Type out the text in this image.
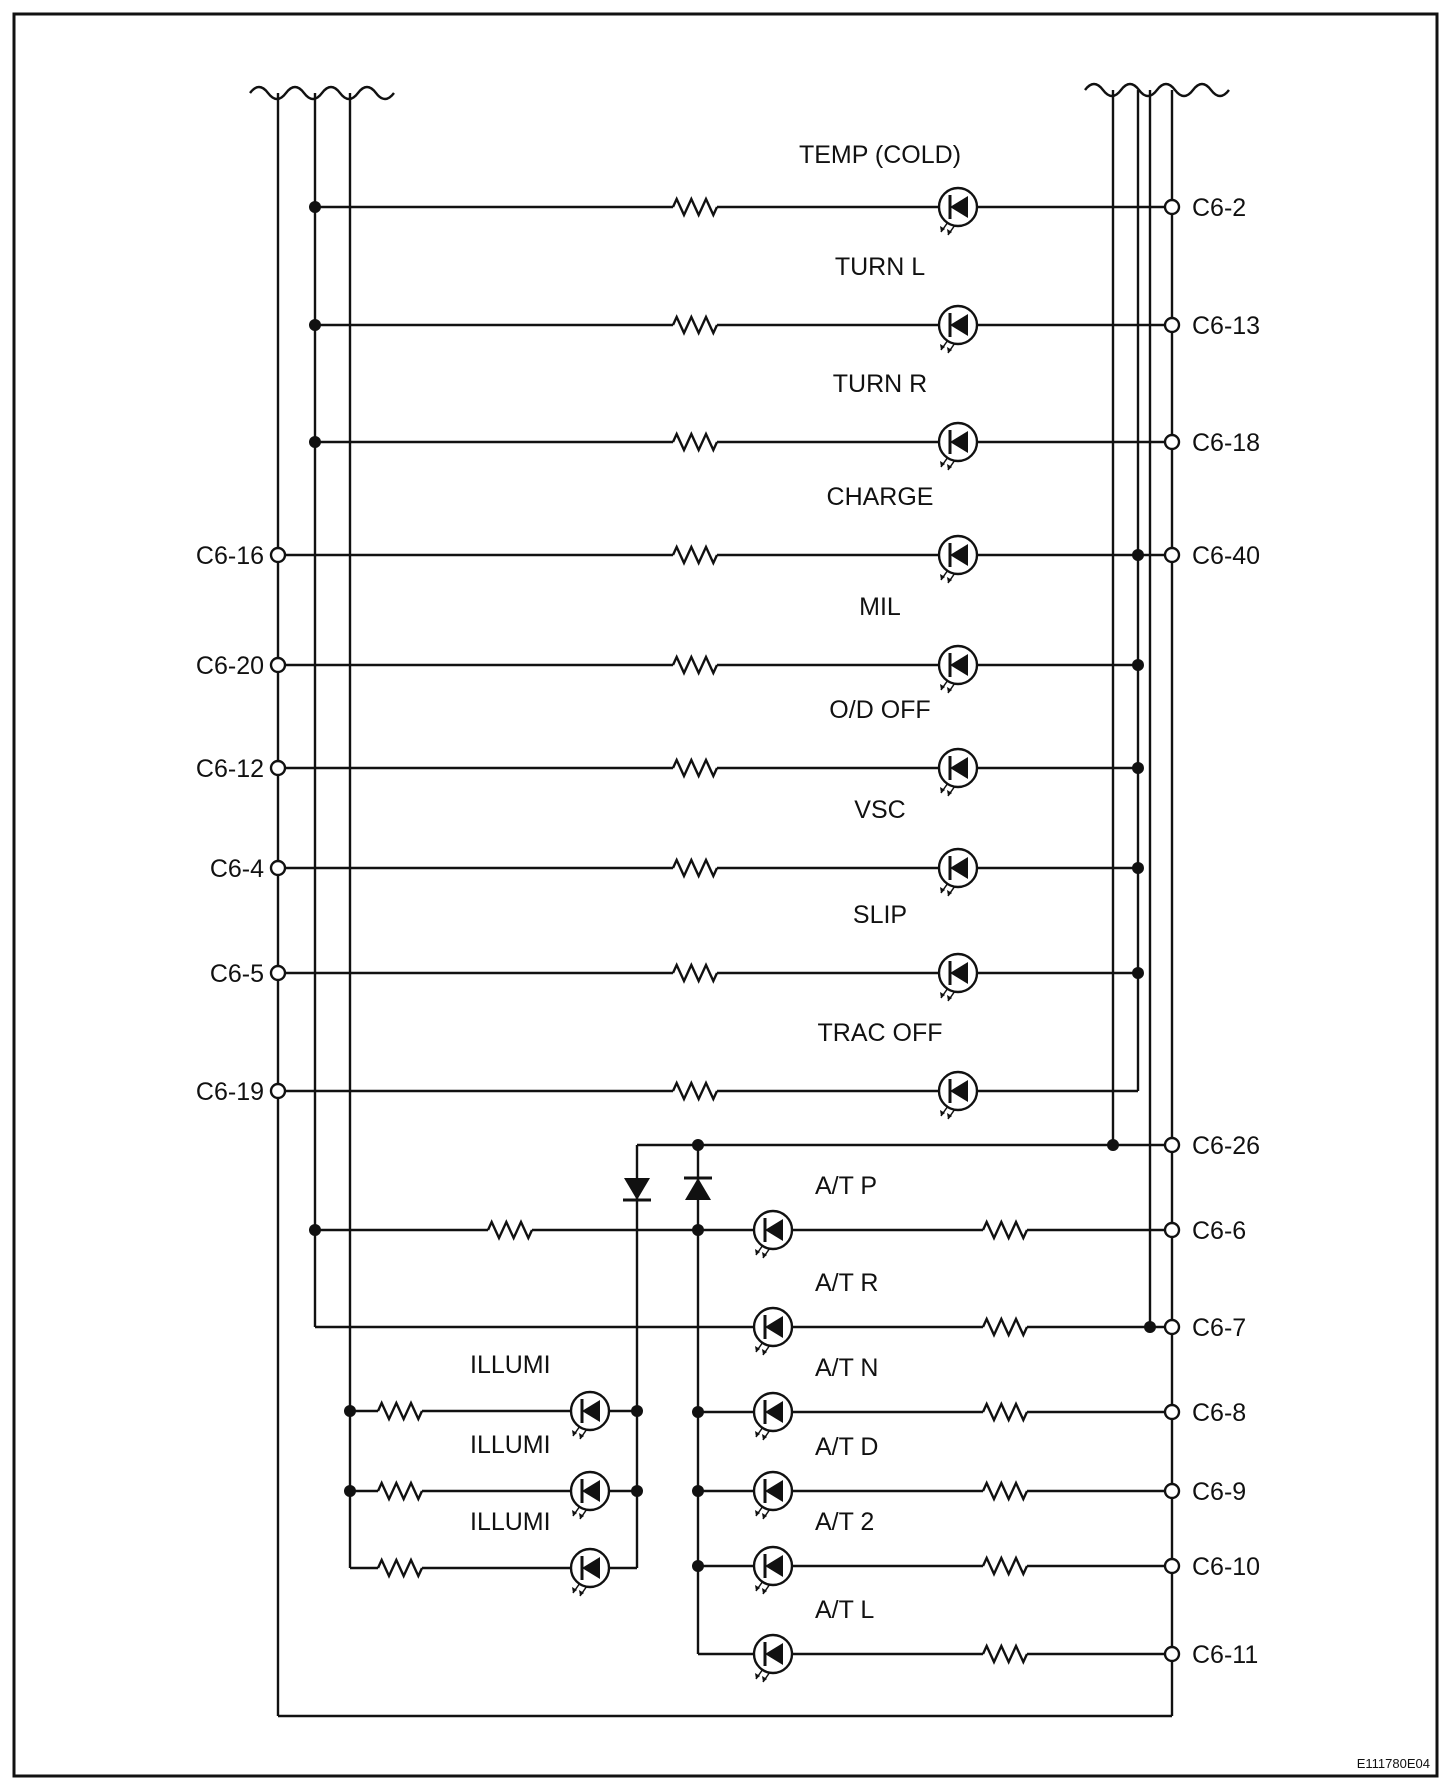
C6-2
TEMP (COLD)
C6-13
TURN L
C6-18
TURN R
C6-16	C6-40
CHARGE
C6-20
MIL
C6-12
O/D OFF
C6-4
VSC
C6-5
SLIP
C6-19
TRAC OFF
C6-26
C6-6
A/T P
C6-7
A/T R
C6-8
A/T N
C6-9
A/T D
C6-10
A/T 2
C6-11
A/T L
ILLUMI
ILLUMI
ILLUMI
E111780E04
